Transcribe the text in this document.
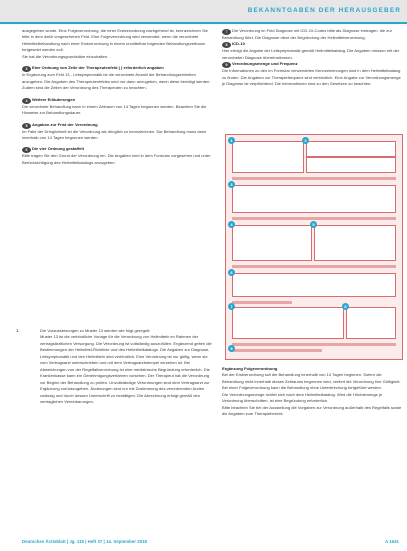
BEKANNTGABEN DER HERAUSGEBER

ausgegeben wurde. Eine Folgeverordnung, die einer Erstverordnung nachgehend ist, kennzeichnen Sie bitte in dem dafür vorgesehenen Feld. Eine Folgeverordnung wird verwendet, wenn die verordnete Heilmittelbehandlung nach einer Erstverordnung in einem unmittelbar folgenden Behandlungszeitraum fortgesetzt werden soll.
Sie hat die Verordnungsgrundsätze einzuhalten.

3 Eine Ordnung von Zeile der Therapeutenfeld ( ) erforderlich angaben

In Ergänzung zum Feld 13 - Leitsymptomatik ist die verordnete Anzahl der Behandlungseinheiten anzugeben. Die Angaben des Therapeutenfeldes sind nur dann anzugeben, wenn diese benötigt werden. Zudem sind die Zeilen der Verordnung des Therapeuten zu beachten.

4 Weitere Erläuterungen

Die verordnete Behandlung kann in einem Zeitraum von 14 Tagen begonnen werden. Beachten Sie die Hinweise zur Behandlungsdauer.

5 Angaben zur Frist der Verordnung

Im Falle der Dringlichkeit ist die Verordnung als dringlich zu kennzeichnen. Die Behandlung muss dann innerhalb von 14 Tagen begonnen werden.

6 Die vier Ordnung gestaffelt

Bitte tragen Sie den Grund der Verordnung ein. Die Angaben sind in dem Formular vorgesehen und unter Berücksichtigung des Heilmittelkatalogs anzugeben.

1.	Die Voraussetzungen zu Muster 13 werden wie folgt geregelt:
Muster 13 ist die verbindliche Vorlage für die Verordnung von Heilmitteln im Rahmen der vertragsärztlichen Versorgung. Die Verordnung ist vollständig auszufüllen. Ergänzend gelten die Bestimmungen der Heilmittel-Richtlinie und des Heilmittelkatalogs. Die Angaben zur Diagnose, Leitsymptomatik und den Heilmitteln sind verbindlich. Eine Verordnung ist nur gültig, wenn sie vom Vertragsarzt unterschrieben und mit dem Vertragsarztstempel versehen ist. Bei Abweichungen von der Regelfallverordnung ist eine medizinische Begründung erforderlich. Die Krankenkasse kann ein Genehmigungsverfahren vorsehen. Der Therapeut hat die Verordnung vor Beginn der Behandlung zu prüfen. Unvollständige Verordnungen sind dem Vertragsarzt zur Ergänzung zurückzugeben. Änderungen sind nur mit Zustimmung des verordnenden Arztes zulässig und durch dessen Unterschrift zu bestätigen. Die Abrechnung erfolgt gemäß den vertraglichen Vereinbarungen.

7 Die Verordnung im Feld Diagnose mit ICD-10-Codes bitte als Diagnose eintragen, die zur Behandlung führt. Die Diagnose dient der Begründung der Heilmittelverordnung.

8 ICD-10

Hier erfolgt die Angabe der Leitsymptomatik gemäß Heilmittelkatalog. Die Angaben müssen mit der verordneten Diagnose übereinstimmen.

9 Verordnungsmenge und Frequenz

Die Informationen zu den im Formular verwendeten Kennzeichnungen sind in dem Heilmittelkatalog zu finden. Die Angaben zur Therapiefrequenz sind verbindlich. Eine Angabe zur Verordnungsmenge je Diagnose ist verpflichtend. Die Informationen sind zu den Gesetzen zu beachten.

1	2
3
4	5
6
7	8
9
Ergänzung Folgeverordnung
Bei der Erstverordnung soll die Behandlung innerhalb von 14 Tagen beginnen. Sofern die Behandlung nicht innerhalb dieses Zeitraums begonnen wird, verliert die Verordnung ihre Gültigkeit. Bei einer Folgeverordnung kann die Behandlung ohne Unterbrechung fortgeführt werden.
Die Verordnungsmenge richtet sich nach dem Heilmittelkatalog. Wird die Höchstmenge je Verordnung überschritten, ist eine Begründung erforderlich.
Bitte beachten Sie bei der Ausstellung die Vorgaben zur Verordnung außerhalb des Regelfalls sowie die Angaben zum Therapiebericht.
Deutsches Ärzteblatt | Jg. 115 | Heft 37 | 14. September 2018	A 1641
